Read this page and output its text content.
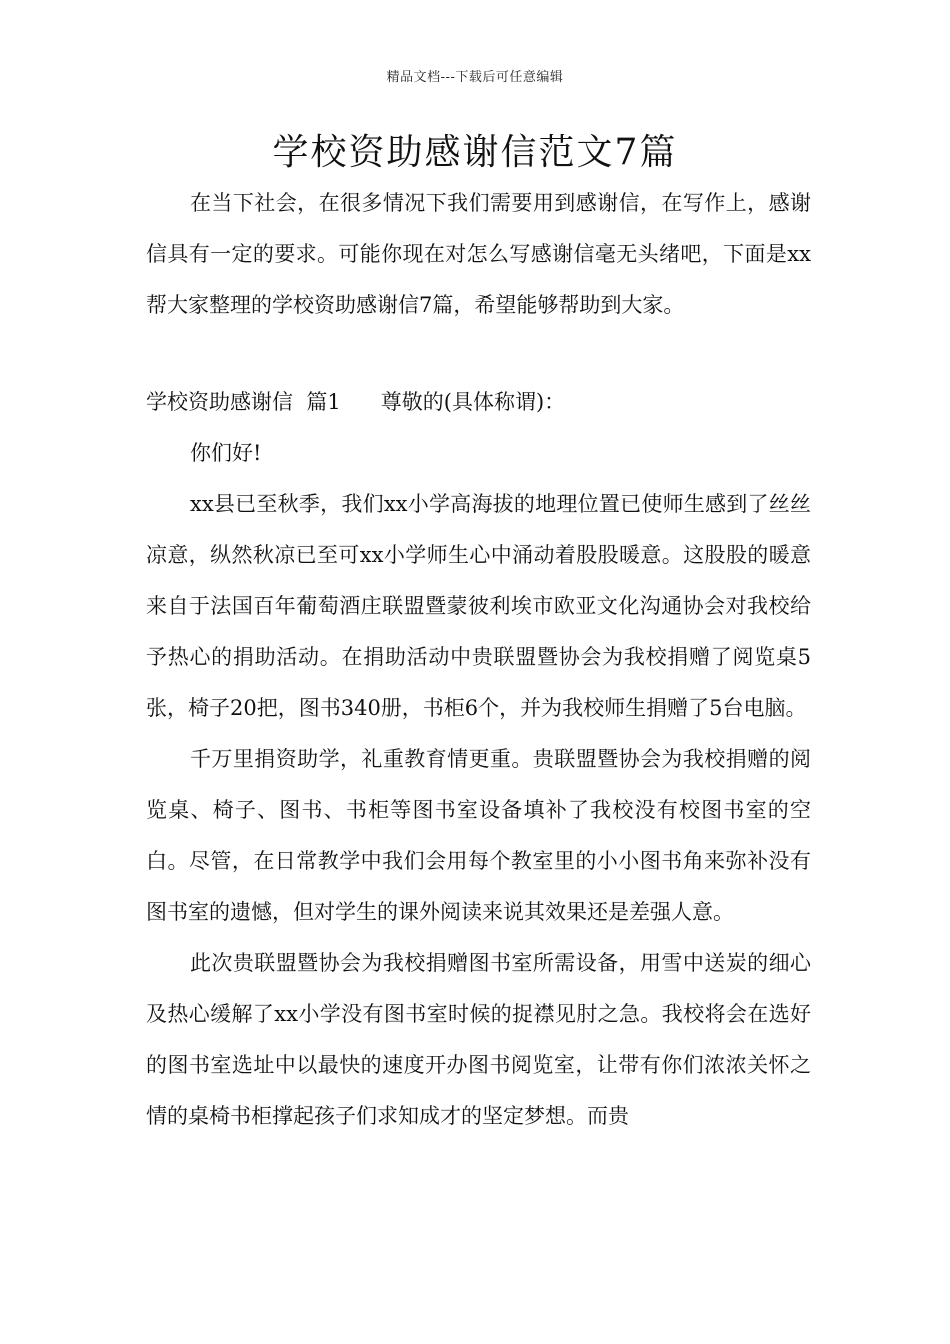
精品文档---下载后可任意编辑
学校资助感谢信范文7篇

在当下社会，在很多情况下我们需要用到感谢信，在写作上，感谢信具有一定的要求。可能你现在对怎么写感谢信毫无头绪吧，下面是xx帮大家整理的学校资助感谢信7篇，希望能够帮助到大家。

学校资助感谢信  篇1      尊敬的(具体称谓)：

你们好!

xx县已至秋季，我们xx小学高海拔的地理位置已使师生感到了丝丝凉意，纵然秋凉已至可xx小学师生心中涌动着股股暖意。这股股的暖意来自于法国百年葡萄酒庄联盟暨蒙彼利埃市欧亚文化沟通协会对我校给予热心的捐助活动。在捐助活动中贵联盟暨协会为我校捐赠了阅览桌5张，椅子20把，图书340册，书柜6个，并为我校师生捐赠了5台电脑。

千万里捐资助学，礼重教育情更重。贵联盟暨协会为我校捐赠的阅览桌、椅子、图书、书柜等图书室设备填补了我校没有校图书室的空白。尽管，在日常教学中我们会用每个教室里的小小图书角来弥补没有图书室的遗憾，但对学生的课外阅读来说其效果还是差强人意。

此次贵联盟暨协会为我校捐赠图书室所需设备，用雪中送炭的细心及热心缓解了xx小学没有图书室时候的捉襟见肘之急。我校将会在选好的图书室选址中以最快的速度开办图书阅览室，让带有你们浓浓关怀之情的桌椅书柜撑起孩子们求知成才的坚定梦想。而贵
